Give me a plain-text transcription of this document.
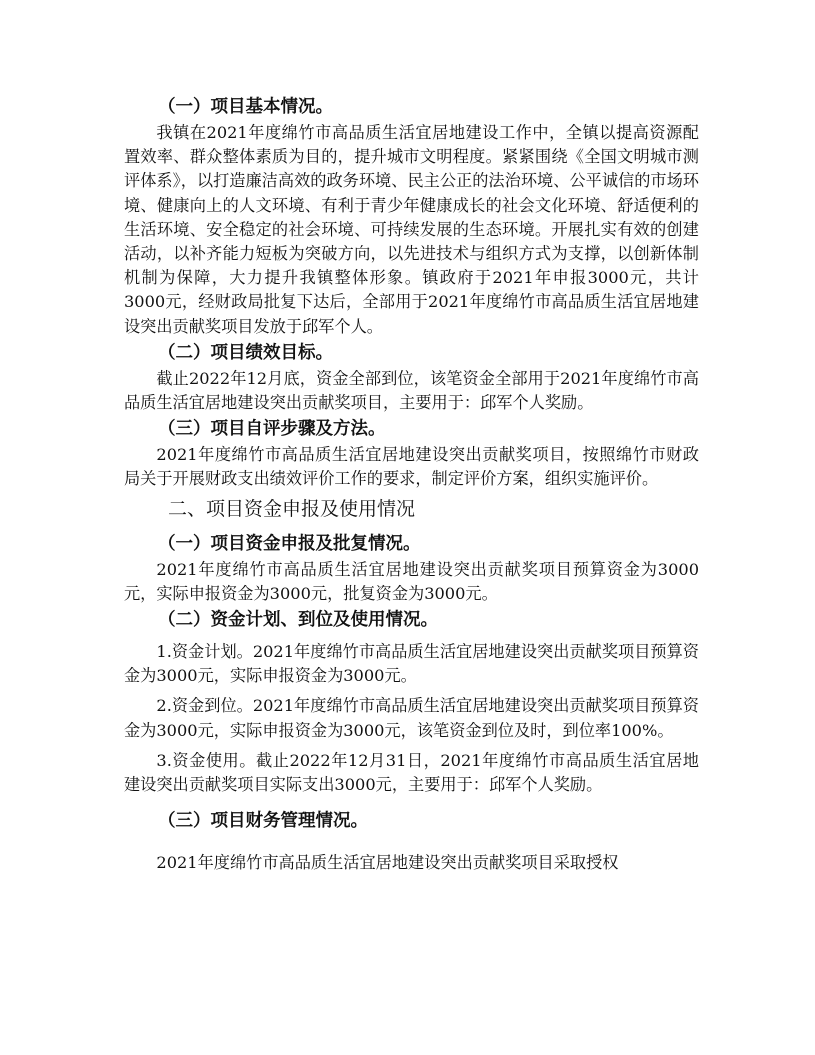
（一）项目基本情况。

我镇在2021年度绵竹市高品质生活宜居地建设工作中，全镇以提高资源配置效率、群众整体素质为目的，提升城市文明程度。紧紧围绕《全国文明城市测评体系》，以打造廉洁高效的政务环境、民主公正的法治环境、公平诚信的市场环境、健康向上的人文环境、有利于青少年健康成长的社会文化环境、舒适便利的生活环境、安全稳定的社会环境、可持续发展的生态环境。开展扎实有效的创建活动，以补齐能力短板为突破方向，以先进技术与组织方式为支撑，以创新体制机制为保障，大力提升我镇整体形象。镇政府于2021年申报3000元，共计3000元，经财政局批复下达后，全部用于2021年度绵竹市高品质生活宜居地建设突出贡献奖项目发放于邱军个人。

（二）项目绩效目标。

截止2022年12月底，资金全部到位，该笔资金全部用于2021年度绵竹市高品质生活宜居地建设突出贡献奖项目，主要用于：邱军个人奖励。

（三）项目自评步骤及方法。

2021年度绵竹市高品质生活宜居地建设突出贡献奖项目，按照绵竹市财政局关于开展财政支出绩效评价工作的要求，制定评价方案，组织实施评价。

二、项目资金申报及使用情况
（一）项目资金申报及批复情况。

2021年度绵竹市高品质生活宜居地建设突出贡献奖项目预算资金为3000元，实际申报资金为3000元，批复资金为3000元。

（二）资金计划、到位及使用情况。

1.资金计划。2021年度绵竹市高品质生活宜居地建设突出贡献奖项目预算资金为3000元，实际申报资金为3000元。

2.资金到位。2021年度绵竹市高品质生活宜居地建设突出贡献奖项目预算资金为3000元，实际申报资金为3000元，该笔资金到位及时，到位率100%。

3.资金使用。截止2022年12月31日，2021年度绵竹市高品质生活宜居地建设突出贡献奖项目实际支出3000元，主要用于：邱军个人奖励。

（三）项目财务管理情况。

2021年度绵竹市高品质生活宜居地建设突出贡献奖项目采取授权
